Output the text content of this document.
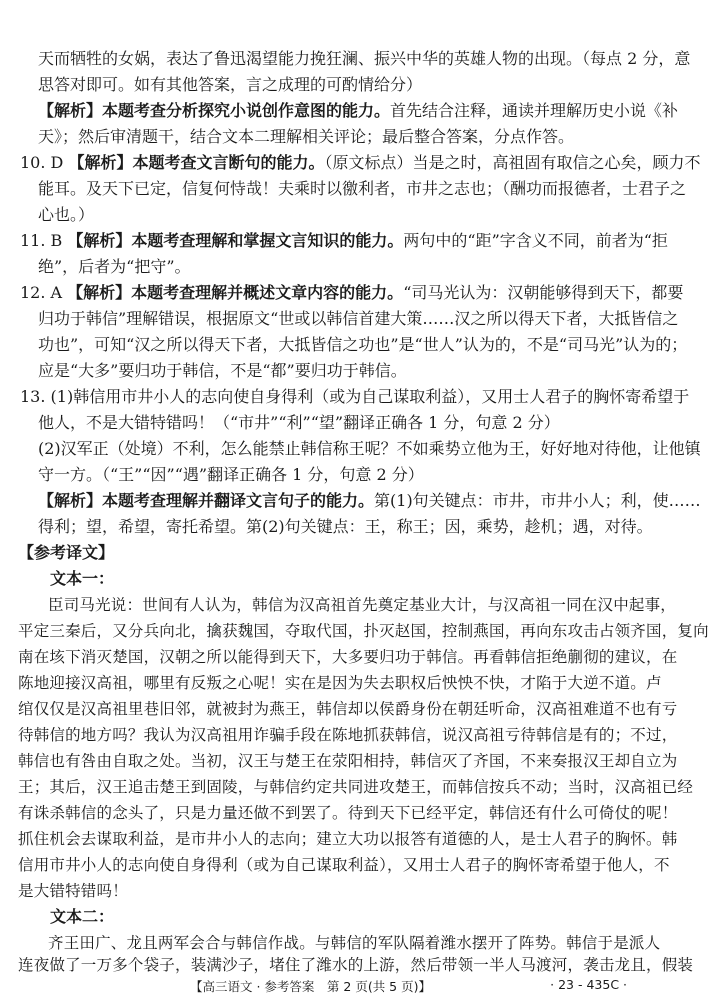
天而牺牲的女娲，表达了鲁迅渴望能力挽狂澜、振兴中华的英雄人物的出现。（每点 2 分，意
思答对即可。如有其他答案，言之成理的可酌情给分）
【解析】本题考查分析探究小说创作意图的能力。首先结合注释，通读并理解历史小说《补
天》；然后审清题干，结合文本二理解相关评论；最后整合答案，分点作答。
10. D 【解析】本题考查文言断句的能力。（原文标点）当是之时，高祖固有取信之心矣，顾力不
能耳。及天下已定，信复何恃哉！夫乘时以徼利者，市井之志也；（酬功而报德者，士君子之
心也。）
11. B 【解析】本题考查理解和掌握文言知识的能力。两句中的“距”字含义不同，前者为“拒
绝”，后者为“把守”。
12. A 【解析】本题考查理解并概述文章内容的能力。“司马光认为：汉朝能够得到天下，都要
归功于韩信”理解错误，根据原文“世或以韩信首建大策……汉之所以得天下者，大抵皆信之
功也”，可知“汉之所以得天下者，大抵皆信之功也”是“世人”认为的，不是“司马光”认为的；
应是“大多”要归功于韩信，不是“都”要归功于韩信。
13. (1)韩信用市井小人的志向使自身得利（或为自己谋取利益），又用士人君子的胸怀寄希望于
他人，不是大错特错吗！（“市井”“利”“望”翻译正确各 1 分，句意 2 分）
(2)汉军正（处境）不利，怎么能禁止韩信称王呢？不如乘势立他为王，好好地对待他，让他镇
守一方。（“王”“因”“遇”翻译正确各 1 分，句意 2 分）
【解析】本题考查理解并翻译文言句子的能力。第(1)句关键点：市井，市井小人；利，使……
得利；望，希望，寄托希望。第(2)句关键点：王，称王；因，乘势，趁机；遇，对待。
【参考译文】
文本一：
臣司马光说：世间有人认为，韩信为汉高祖首先奠定基业大计，与汉高祖一同在汉中起事，
平定三秦后，又分兵向北，擒获魏国，夺取代国，扑灭赵国，控制燕国，再向东攻击占领齐国，复向
南在垓下消灭楚国，汉朝之所以能得到天下，大多要归功于韩信。再看韩信拒绝蒯彻的建议，在
陈地迎接汉高祖，哪里有反叛之心呢！实在是因为失去职权后怏怏不快，才陷于大逆不道。卢
绾仅仅是汉高祖里巷旧邻，就被封为燕王，韩信却以侯爵身份在朝廷听命，汉高祖难道不也有亏
待韩信的地方吗？我认为汉高祖用诈骗手段在陈地抓获韩信，说汉高祖亏待韩信是有的；不过，
韩信也有咎由自取之处。当初，汉王与楚王在荥阳相持，韩信灭了齐国，不来奏报汉王却自立为
王；其后，汉王追击楚王到固陵，与韩信约定共同进攻楚王，而韩信按兵不动；当时，汉高祖已经
有诛杀韩信的念头了，只是力量还做不到罢了。待到天下已经平定，韩信还有什么可倚仗的呢！
抓住机会去谋取利益，是市井小人的志向；建立大功以报答有道德的人，是士人君子的胸怀。韩
信用市井小人的志向使自身得利（或为自己谋取利益），又用士人君子的胸怀寄希望于他人，不
是大错特错吗！
文本二：
齐王田广、龙且两军会合与韩信作战。与韩信的军队隔着潍水摆开了阵势。韩信于是派人
连夜做了一万多个袋子，装满沙子，堵住了潍水的上游，然后带领一半人马渡河，袭击龙且，假装
【高三语文 · 参考答案　第 2 页(共 5 页)】	· 23 - 435C ·
